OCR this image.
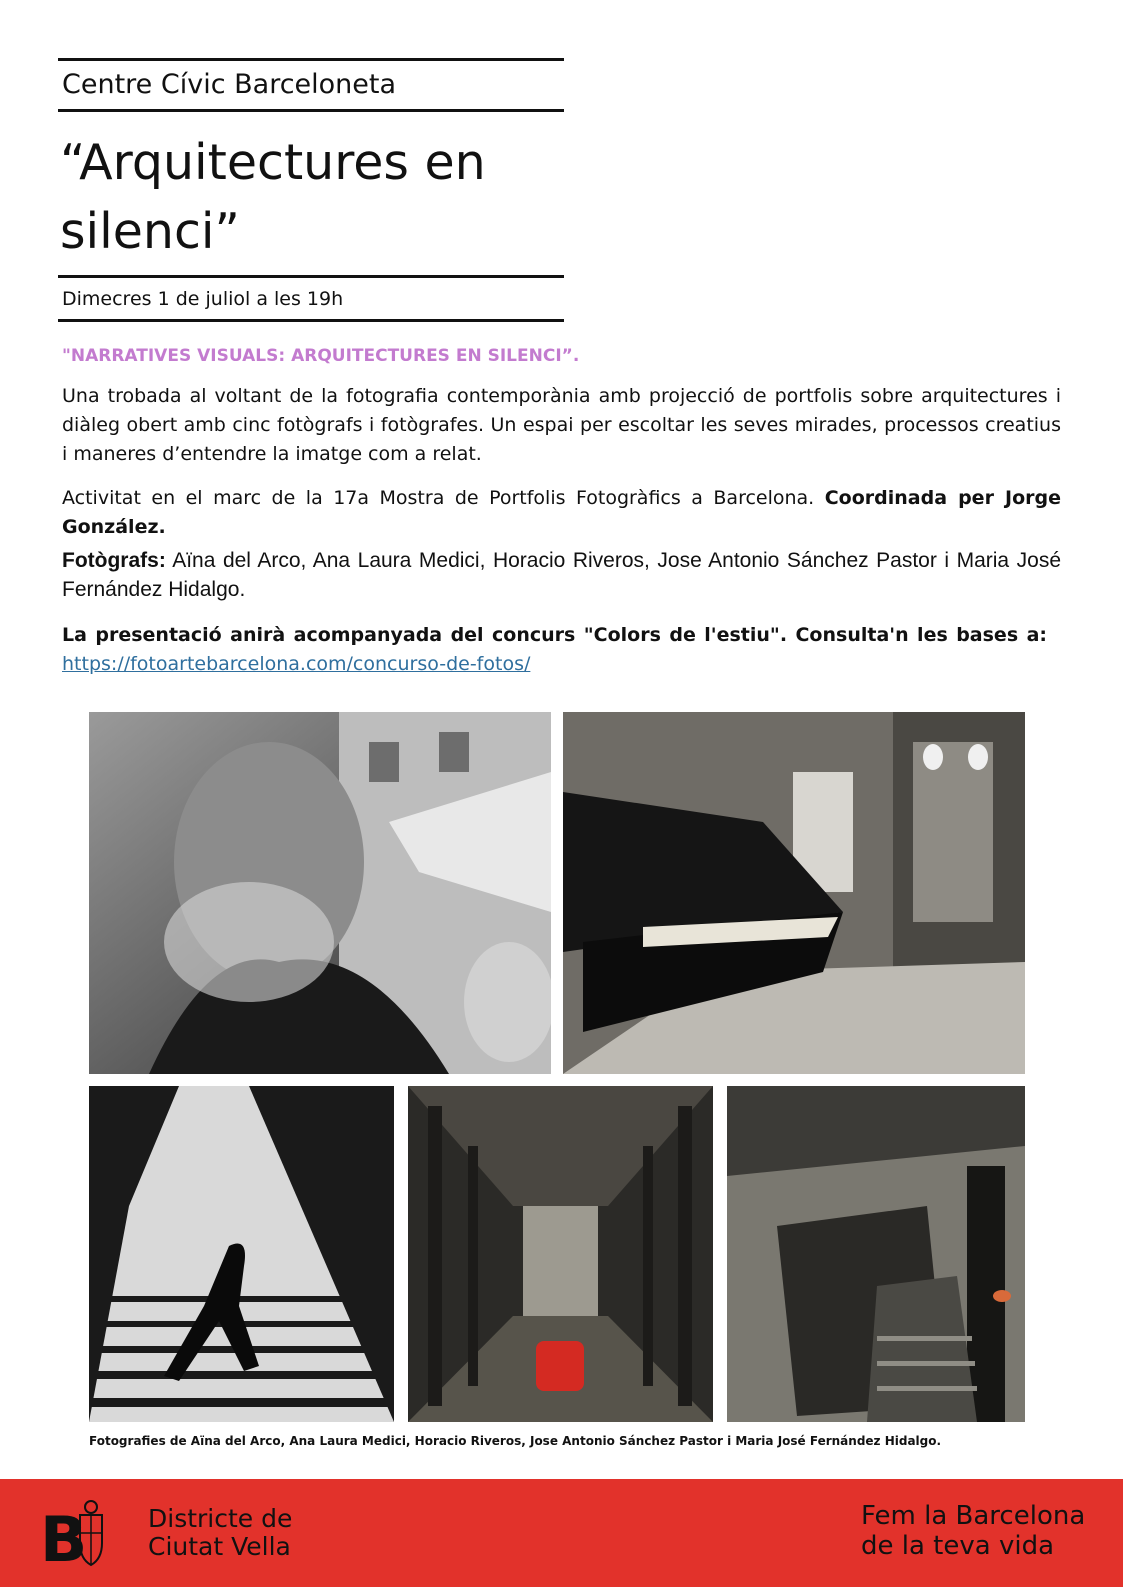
Centre Cívic Barceloneta
“Arquitectures en
silenci”
Dimecres 1 de juliol a les 19h
"NARRATIVES VISUALS: ARQUITECTURES EN SILENCI”.
Una trobada al voltant de la fotografia contemporània amb projecció de portfolis sobre arquitectures i diàleg obert amb cinc fotògrafs i fotògrafes. Un espai per escoltar les seves mirades, processos creatius i maneres d’entendre la imatge com a relat.
Activitat en el marc de la 17a Mostra de Portfolis Fotogràfics a Barcelona. Coordinada per Jorge González.
Fotògrafs: Aïna del Arco, Ana Laura Medici, Horacio Riveros, Jose Antonio Sánchez Pastor i Maria José Fernández Hidalgo.
La presentació anirà acompanyada del concurs "Colors de l'estiu". Consulta'n les bases a: https://fotoartebarcelona.com/concurso-de-fotos/
Fotografies de Aïna del Arco, Ana Laura Medici, Horacio Riveros, Jose Antonio Sánchez Pastor i Maria José Fernández Hidalgo.
B Districte de Ciutat Vella
Fem la Barcelona de la teva vida
